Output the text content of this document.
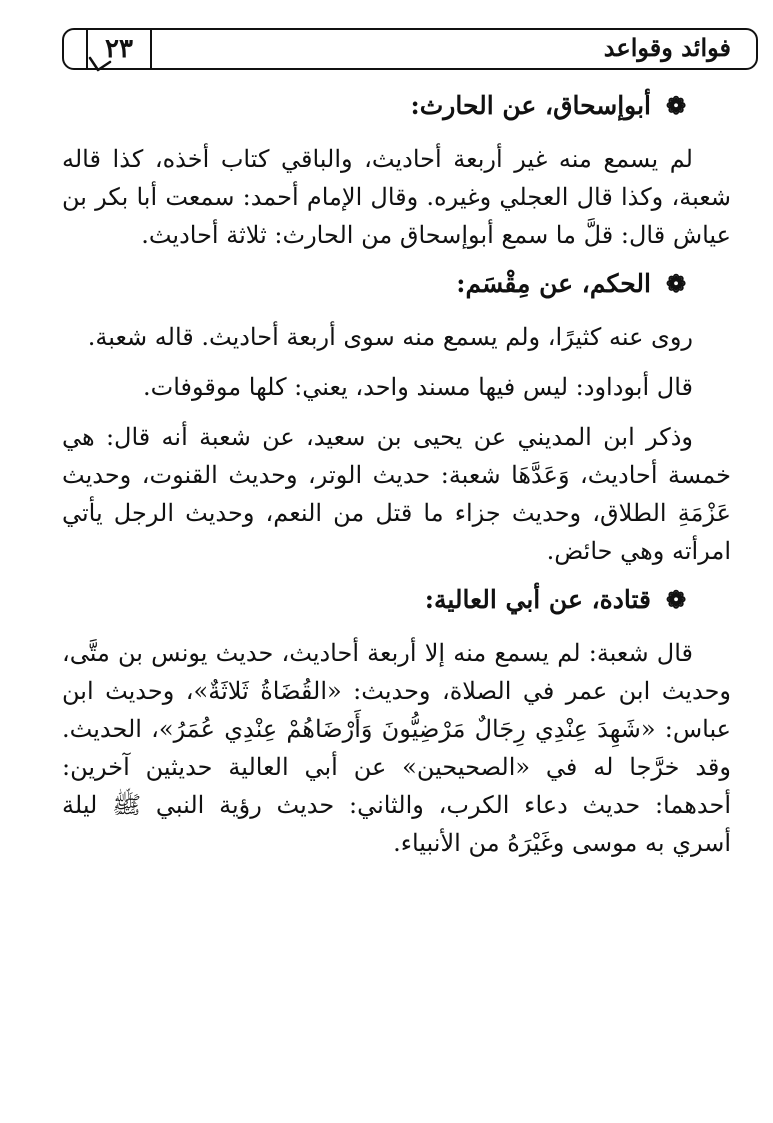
٢٣	فوائد وقواعد
❁
أبوإسحاق، عن الحارث:

لم يسمع منه غير أربعة أحاديث، والباقي كتاب أخذه، كذا قاله شعبة، وكذا قال العجلي وغيره. وقال الإمام أحمد: سمعت أبا بكر بن عياش قال: قلَّ ما سمع أبوإسحاق من الحارث: ثلاثة أحاديث.

❁
الحكم، عن مِقْسَم:

روى عنه كثيرًا، ولم يسمع منه سوى أربعة أحاديث. قاله شعبة.

قال أبوداود: ليس فيها مسند واحد، يعني: كلها موقوفات.

وذكر ابن المديني عن يحيى بن سعيد، عن شعبة أنه قال: هي خمسة أحاديث، وَعَدَّهَا شعبة: حديث الوتر، وحديث القنوت، وحديث عَزْمَةِ الطلاق، وحديث جزاء ما قتل من النعم، وحديث الرجل يأتي امرأته وهي حائض.

❁
قتادة، عن أبي العالية:

قال شعبة: لم يسمع منه إلا أربعة أحاديث، حديث يونس بن متَّى، وحديث ابن عمر في الصلاة، وحديث: «القُضَاةُ ثَلاثَةٌ»، وحديث ابن عباس: «شَهِدَ عِنْدِي رِجَالٌ مَرْضِيُّونَ وَأَرْضَاهُمْ عِنْدِي عُمَرُ»، الحديث. وقد خرَّجا له في «الصحيحين» عن أبي العالية حديثين آخرين: أحدهما: حديث دعاء الكرب، والثاني: حديث رؤية النبي ﷺ ليلة أسري به موسى وغَيْرَهُ من الأنبياء.
